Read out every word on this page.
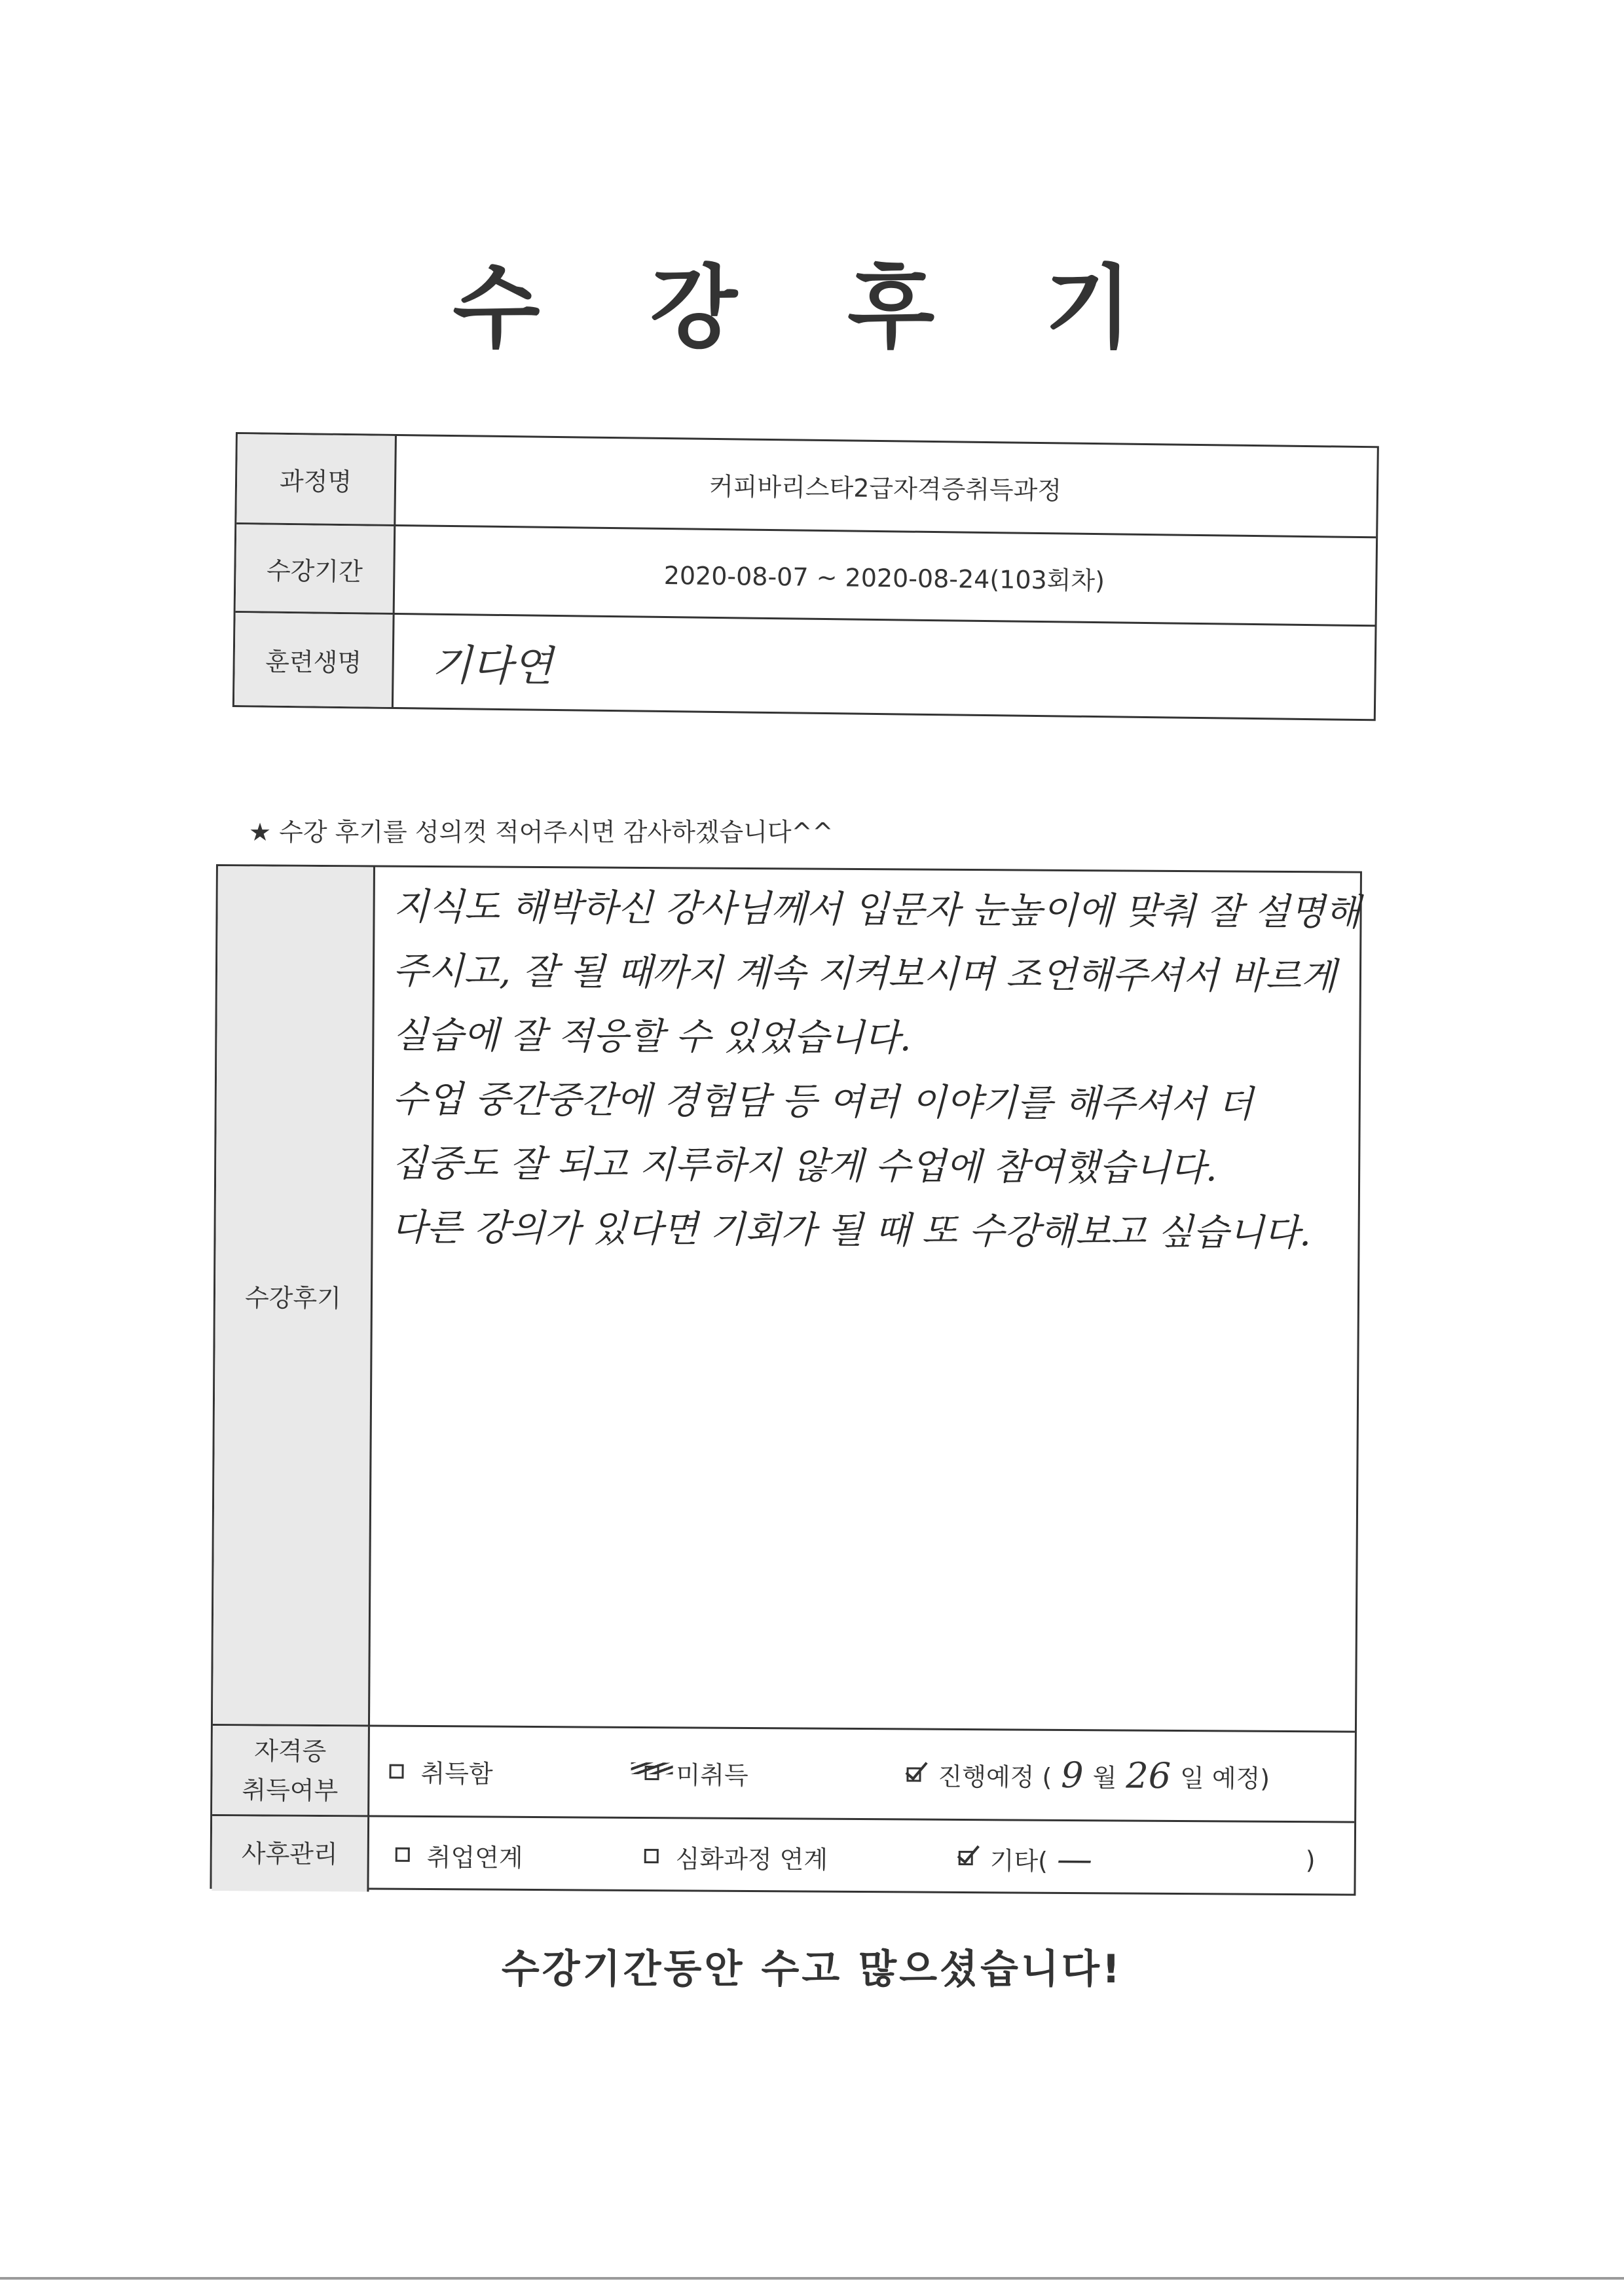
수 강 후 기
과정명	커피바리스타2급자격증취득과정
수강기간	2020-08-07 ~ 2020-08-24(103회차)
훈련생명	기다연
★ 수강 후기를 성의껏 적어주시면 감사하겠습니다^^
수강후기

지식도 해박하신 강사님께서 입문자 눈높이에 맞춰 잘 설명해

주시고, 잘 될 때까지 계속 지켜보시며 조언해주셔서 바르게

실습에 잘 적응할 수 있었습니다.

수업 중간중간에 경험담 등 여러 이야기를 해주셔서 더

집중도 잘 되고 지루하지 않게 수업에 참여했습니다.

다른 강의가 있다면 기회가 될 때 또 수강해보고 싶습니다.

자격증
취득여부
취득함	미취득	진행예정 ( 9 월 26 일 예정)
사후관리	취업연계	심화과정 연계	기타( —	)
수강기간동안 수고 많으셨습니다!
